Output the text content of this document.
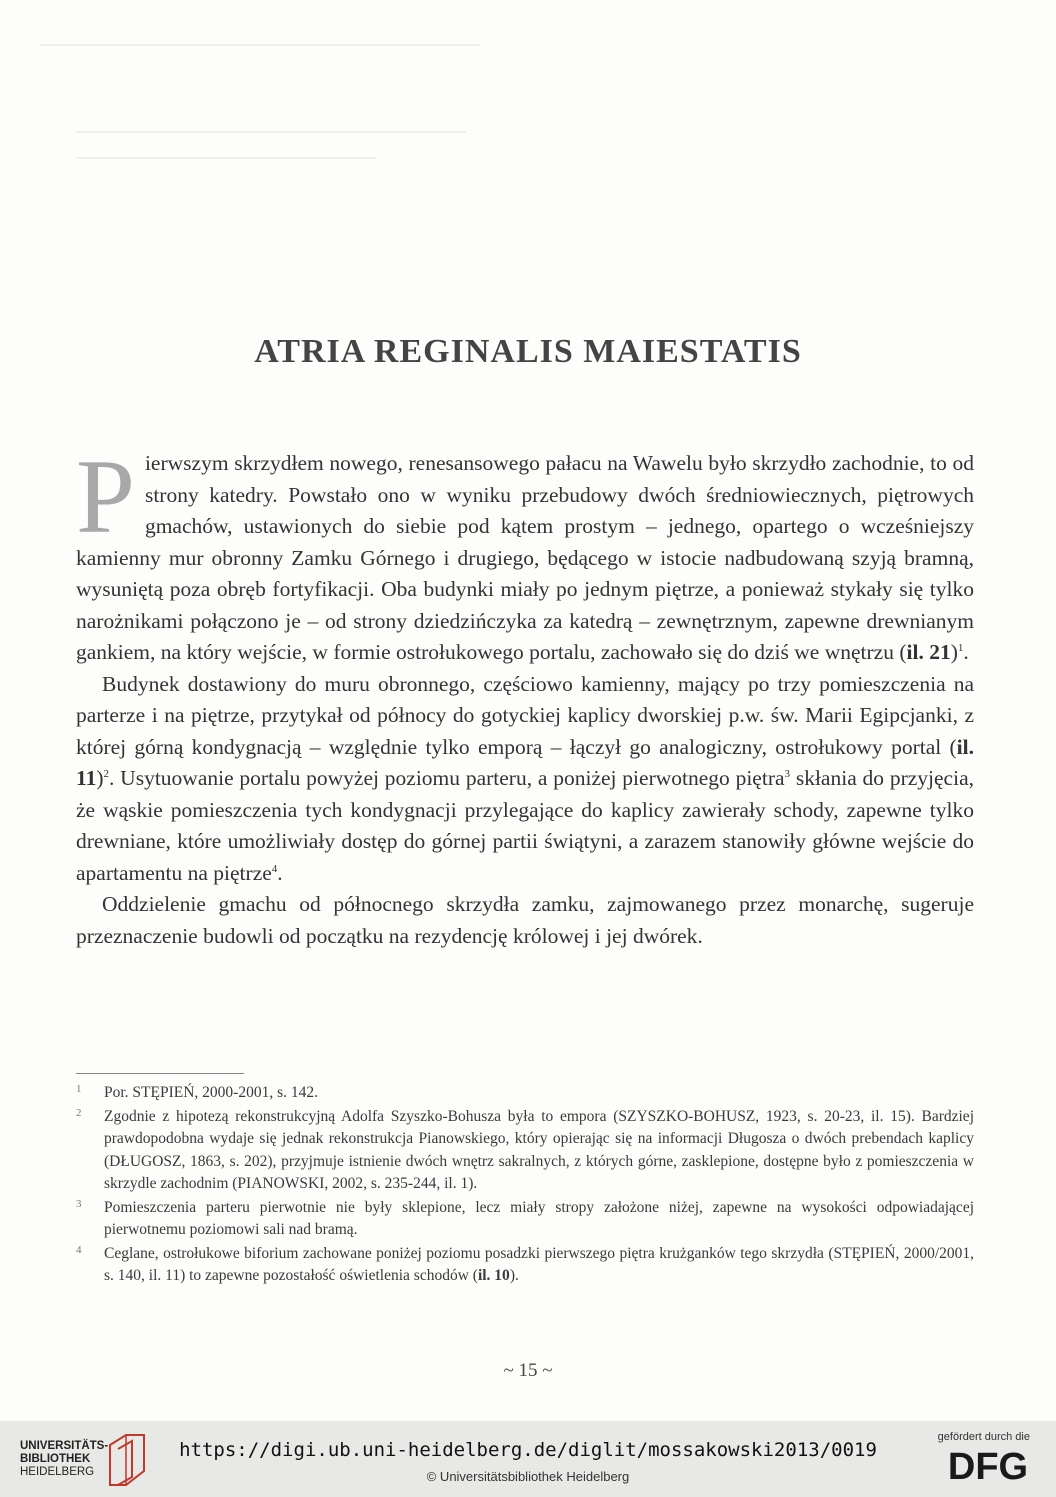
ATRIA REGINALIS MAIESTATIS

Pierwszym skrzydłem nowego, renesansowego pałacu na Wawelu było skrzydło zachodnie, to od strony katedry. Powstało ono w wyniku przebudowy dwóch średniowiecznych, piętrowych gmachów, ustawionych do siebie pod kątem prostym – jednego, opartego o wcześniejszy kamienny mur obronny Zamku Górnego i drugiego, będącego w istocie nadbudowaną szyją bramną, wysuniętą poza obręb fortyfikacji. Oba budynki miały po jednym piętrze, a ponieważ stykały się tylko narożnikami połączono je – od strony dziedzińczyka za katedrą – zewnętrznym, zapewne drewnianym gankiem, na który wejście, w formie ostrołukowego portalu, zachowało się do dziś we wnętrzu (il. 21)$^1$.

Budynek dostawiony do muru obronnego, częściowo kamienny, mający po trzy pomieszczenia na parterze i na piętrze, przytykał od północy do gotyckiej kaplicy dworskiej p.w. św. Marii Egipcjanki, z której górną kondygnacją – względnie tylko emporą – łączył go analogiczny, ostrołukowy portal (il. 11)$^2$. Usytuowanie portalu powyżej poziomu parteru, a poniżej pierwotnego piętra$^3$ skłania do przyjęcia, że wąskie pomieszczenia tych kondygnacji przylegające do kaplicy zawierały schody, zapewne tylko drewniane, które umożliwiały dostęp do górnej partii świątyni, a zarazem stanowiły główne wejście do apartamentu na piętrze$^4$.

Oddzielenie gmachu od północnego skrzydła zamku, zajmowanego przez monarchę, sugeruje przeznaczenie budowli od początku na rezydencję królowej i jej dwórek.

1 Por. STĘPIEŃ, 2000-2001, s. 142.
2 Zgodnie z hipotezą rekonstrukcyjną Adolfa Szyszko-Bohusza była to empora (SZYSZKO-BOHUSZ, 1923, s. 20-23, il. 15). Bardziej prawdopodobna wydaje się jednak rekonstrukcja Pianowskiego, który opierając się na informacji Długosza o dwóch prebendach kaplicy (DŁUGOSZ, 1863, s. 202), przyjmuje istnienie dwóch wnętrz sakralnych, z których górne, zasklepione, dostępne było z pomieszczenia w skrzydle zachodnim (PIANOWSKI, 2002, s. 235-244, il. 1).
3 Pomieszczenia parteru pierwotnie nie były sklepione, lecz miały stropy założone niżej, zapewne na wysokości odpowiadającej pierwotnemu poziomowi sali nad bramą.
4 Ceglane, ostrołukowe biforium zachowane poniżej poziomu posadzki pierwszego piętra krużganków tego skrzydła (STĘPIEŃ, 2000/2001, s. 140, il. 11) to zapewne pozostałość oświetlenia schodów (il. 10).
~ 15 ~
UNIVERSITÄTS-
BIBLIOTHEK

HEIDELBERG
https://digi.ub.uni-heidelberg.de/diglit/mossakowski2013/0019
© Universitätsbibliothek Heidelberg
gefördert durch die
DFG
